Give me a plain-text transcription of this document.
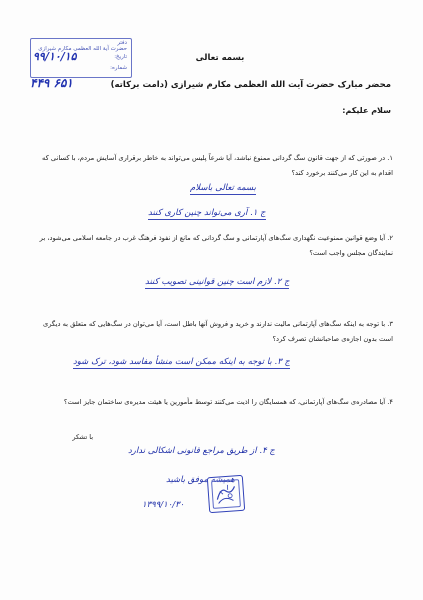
دفتر
حضرت آیة الله العظمی مکارم شیرازی
تاریخ:
شماره:
۹۹/۱۰/۱۵
۶۵۱ ۴۴۹
بسمه تعالی
محضر مبارک حضرت آیت الله العظمی مکارم شیرازی (دامت برکاته)
سلام علیکم:
۱. در صورتی که از جهت قانون سگ گردانی ممنوع نباشد، آیا شرعاً پلیس می‌تواند به خاطر برقراری آسایش مردم، با کسانی که اقدام به این کار می‌کنند برخورد کند؟
بسمه تعالی باسلام
ج ۱. آری می‌تواند چنین کاری کنند
۲. آیا وضع قوانین ممنوعیت نگهداری سگ‌های آپارتمانی و سگ گردانی که مانع از نفوذ فرهنگ غرب در جامعه اسلامی می‌شود، بر نمایندگان مجلس واجب است؟
ج ۲. لازم است چنین قوانینی تصویب کنند
۳. با توجه به اینکه سگ‌های آپارتمانی مالیت ندارند و خرید و فروش آنها باطل است، آیا می‌توان در سگ‌هایی که متعلق به دیگری است بدون اجازه‌ی صاحبانشان تصرف کرد؟
ج ۳. با توجه به اینکه ممکن است منشأ مفاسد شود، ترک شود
۴. آیا مصادره‌ی سگ‌های آپارتمانی، که همسایگان را اذیت می‌کنند توسط مأمورین یا هیئت مدیره‌ی ساختمان جایز است؟
با تشکر
ج ۴. از طریق مراجع قانونی اشکالی ندارد
همیشه موفق باشید
۱۳۹۹/۱۰/۳۰
